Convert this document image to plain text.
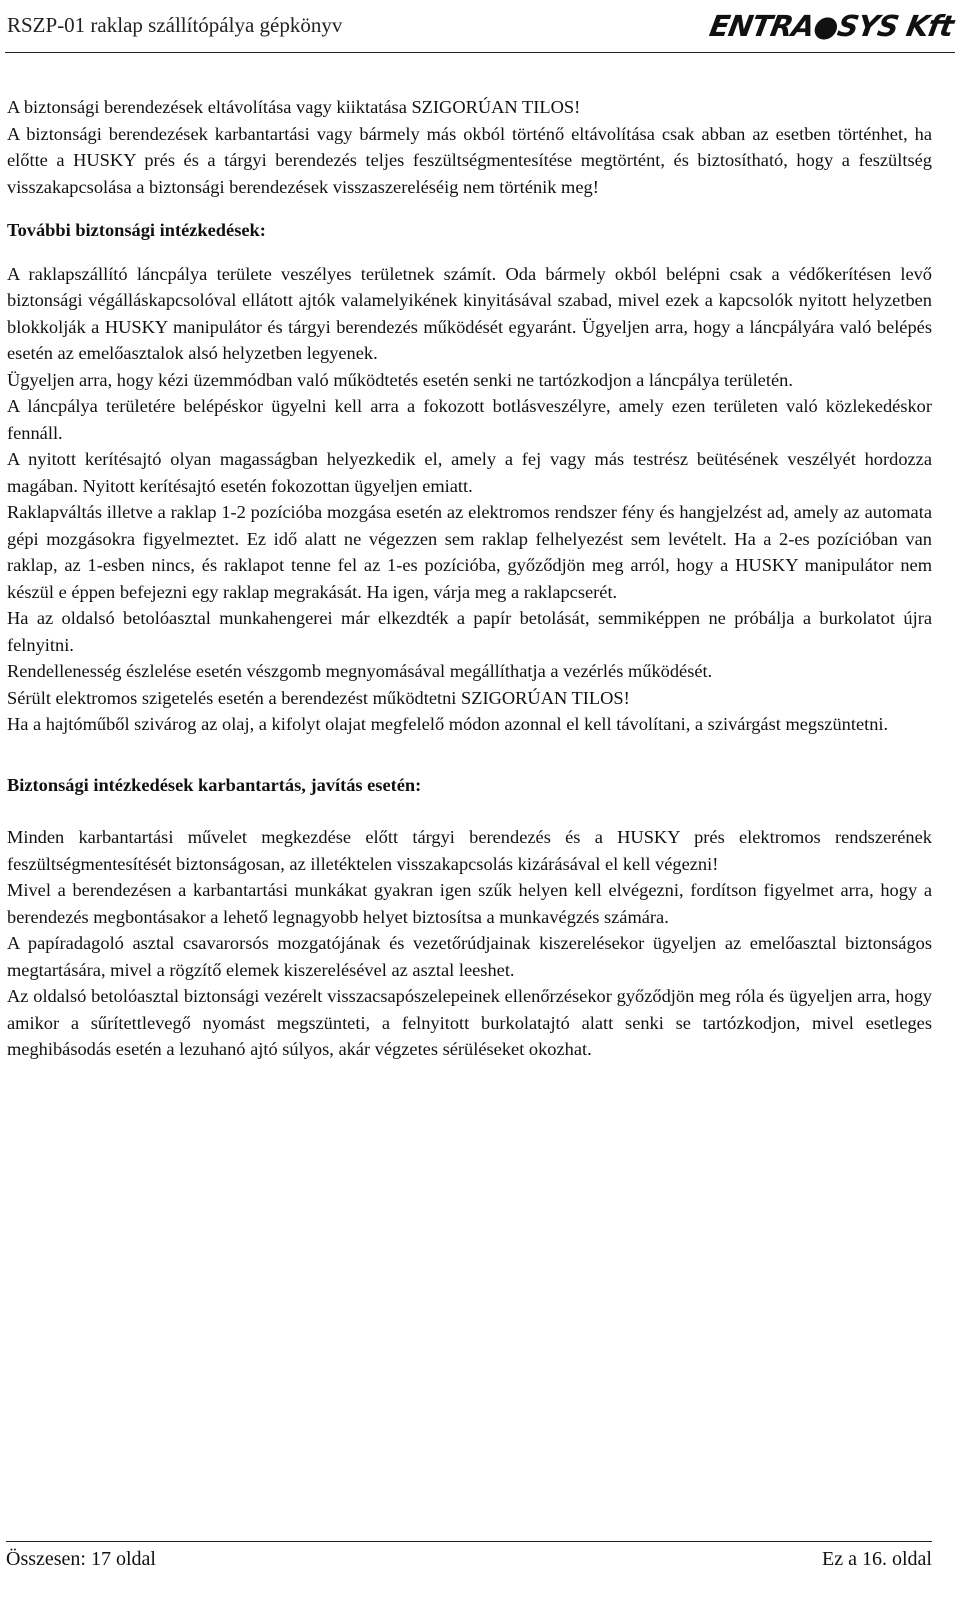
RSZP-01 raklap szállítópálya gépkönyv	ENTRA●SYS Kft

A biztonsági berendezések eltávolítása vagy kiiktatása SZIGORÚAN TILOS!

A biztonsági berendezések karbantartási vagy bármely más okból történő eltávolítása csak abban az esetben történhet, ha előtte a HUSKY prés és a tárgyi berendezés teljes feszültségmentesítése megtörtént, és biztosítható, hogy a feszültség visszakapcsolása a biztonsági berendezések visszaszereléséig nem történik meg!

További biztonsági intézkedések:

A raklapszállító láncpálya területe veszélyes területnek számít. Oda bármely okból belépni csak a védőkerítésen levő biztonsági végálláskapcsolóval ellátott ajtók valamelyikének kinyitásával szabad, mivel ezek a kapcsolók nyitott helyzetben blokkolják a HUSKY manipulátor és tárgyi berendezés működését egyaránt. Ügyeljen arra, hogy a láncpályára való belépés esetén az emelőasztalok alsó helyzetben legyenek.

Ügyeljen arra, hogy kézi üzemmódban való működtetés esetén senki ne tartózkodjon a láncpálya területén.

A láncpálya területére belépéskor ügyelni kell arra a fokozott botlásveszélyre, amely ezen területen való közlekedéskor fennáll.

A nyitott kerítésajtó olyan magasságban helyezkedik el, amely a fej vagy más testrész beütésének veszélyét hordozza magában. Nyitott kerítésajtó esetén fokozottan ügyeljen emiatt.

Raklapváltás illetve a raklap 1-2 pozícióba mozgása esetén az elektromos rendszer fény és hangjelzést ad, amely az automata gépi mozgásokra figyelmeztet. Ez idő alatt ne végezzen sem raklap felhelyezést sem levételt. Ha a 2-es pozícióban van raklap, az 1-esben nincs, és raklapot tenne fel az 1-es pozícióba, győződjön meg arról, hogy a HUSKY manipulátor nem készül e éppen befejezni egy raklap megrakását. Ha igen, várja meg a raklapcserét.

Ha az oldalsó betolóasztal munkahengerei már elkezdték a papír betolását, semmiképpen ne próbálja a burkolatot újra felnyitni.

Rendellenesség észlelése esetén vészgomb megnyomásával megállíthatja a vezérlés működését.

Sérült elektromos szigetelés esetén a berendezést működtetni SZIGORÚAN TILOS!

Ha a hajtóműből szivárog az olaj, a kifolyt olajat megfelelő módon azonnal el kell távolítani, a szivárgást megszüntetni.

Biztonsági intézkedések karbantartás, javítás esetén:

Minden karbantartási művelet megkezdése előtt tárgyi berendezés és a HUSKY prés elektromos rendszerének feszültségmentesítését biztonságosan, az illetéktelen visszakapcsolás kizárásával el kell végezni!

Mivel a berendezésen a karbantartási munkákat gyakran igen szűk helyen kell elvégezni, fordítson figyelmet arra, hogy a berendezés megbontásakor a lehető legnagyobb helyet biztosítsa a munkavégzés számára.

A papíradagoló asztal csavarorsós mozgatójának és vezetőrúdjainak kiszerelésekor ügyeljen az emelőasztal biztonságos megtartására, mivel a rögzítő elemek kiszerelésével az asztal leeshet.

Az oldalsó betolóasztal biztonsági vezérelt visszacsapószelepeinek ellenőrzésekor győződjön meg róla és ügyeljen arra, hogy amikor a sűrítettlevegő nyomást megszünteti, a felnyitott burkolatajtó alatt senki se tartózkodjon, mivel esetleges meghibásodás esetén a lezuhanó ajtó súlyos, akár végzetes sérüléseket okozhat.

Összesen: 17 oldal	Ez a 16. oldal
